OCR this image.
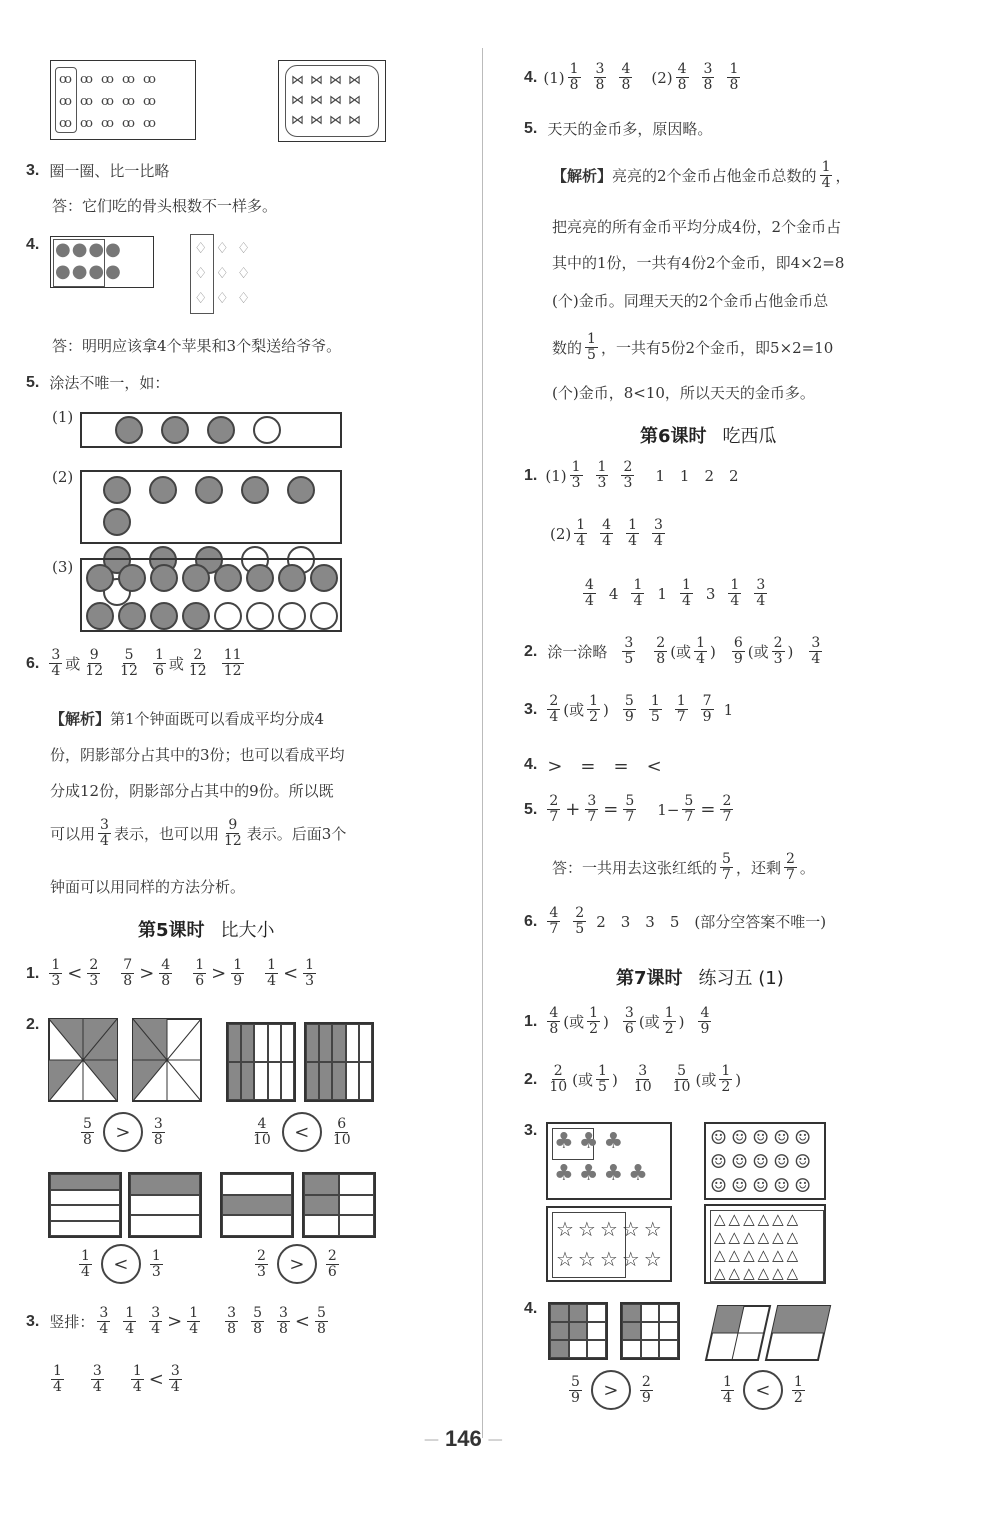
ꝏꝏꝏꝏꝏ ꝏꝏꝏꝏꝏ ꝏꝏꝏꝏꝏ
⋈⋈⋈⋈ ⋈⋈⋈⋈ ⋈⋈⋈⋈
3. 圈一圈、比一比略
答：它们吃的骨头根数不一样多。
4. ●●●● ●●●●
♢♢♢ ♢♢♢ ♢♢♢
答：明明应该拿4个苹果和3个梨送给爷爷。
5. 涂法不唯一，如：
(1)
(2)
(3)
6. $\frac{3}{4}$ 或 $\frac{9}{12} \frac{5}{12} \frac{1}{6}$ 或 $\frac{2}{12} \frac{11}{12}$
【解析】 第1个钟面既可以看成平均分成4
份，阴影部分占其中的3份；也可以看成平均
分成12份，阴影部分占其中的9份。所以既
可以用 $\frac{3}{4}$ 表示，也可以用 $\frac{9}{12}$ 表示。后面3个
钟面可以用同样的方法分析。
第5课时 比大小
1. $\frac{1}{3} < \frac{2}{3} \frac{7}{8} > \frac{4}{8} \frac{1}{6} > \frac{1}{9} \frac{1}{4} < \frac{1}{3}$
2.
$\frac{5}{8}$	>	$\frac{3}{8}$	$\frac{4}{10}$	<	$\frac{6}{10}$
$\frac{1}{4}$	<	$\frac{1}{3}$	$\frac{2}{3}$	>	$\frac{2}{6}$
3. 竖排： $\frac{3}{4} \frac{1}{4} \frac{3}{4} > \frac{1}{4} \frac{3}{8} \frac{5}{8} \frac{3}{8} < \frac{5}{8}$
$\frac{1}{4} \frac{3}{4} \frac{1}{4} < \frac{3}{4}$
4. $(1) \frac{1}{8} \frac{3}{8} \frac{4}{8} (2) \frac{4}{8} \frac{3}{8} \frac{1}{8}$
5. 天天的金币多，原因略。
【解析】 亮亮的2个金币占他金币总数的 $\frac{1}{4}$ ，
把亮亮的所有金币平均分成4份，2个金币占
其中的1份，一共有4份2个金币，即4×2=8
(个)金币。同理天天的2个金币占他金币总
数的 $\frac{1}{5}$ ，一共有5份2个金币，即5×2=10
(个)金币，8<10，所以天天的金币多。
第6课时 吃西瓜
1. $(1) \frac{1}{3} \frac{1}{3} \frac{2}{3} 1$　1　2　2
$(2) \frac{1}{4} \frac{4}{4} \frac{1}{4} \frac{3}{4}$
$\frac{4}{4} 4 \frac{1}{4} 1 \frac{1}{4} 3 \frac{1}{4} \frac{3}{4}$
2. 涂一涂略 $\frac{3}{5} \frac{2}{8}$ (或 $\frac{1}{4}$ ) $\frac{6}{9}$ (或 $\frac{2}{3}$ ) $\frac{3}{4}$
3. $\frac{2}{4}$ (或 $\frac{1}{2}$ ) $\frac{5}{9} \frac{1}{5} \frac{1}{7} \frac{7}{9} 1$
4. >　=　=　<
5. $\frac{2}{7} + \frac{3}{7} = \frac{5}{7} 1- \frac{5}{7} = \frac{2}{7}$
答：一共用去这张红纸的 $\frac{5}{7}$ ，还剩 $\frac{2}{7}$ 。
6. $\frac{4}{7} \frac{2}{5} 2$　3　3　5　(部分空答案不唯一)
第7课时 练习五 (1)
1. $\frac{4}{8}$ (或 $\frac{1}{2}$ ) $\frac{3}{6}$ (或 $\frac{1}{2}$ ) $\frac{4}{9}$
2. $\frac{2}{10}$ (或 $\frac{1}{5}$ ) $\frac{3}{10} \frac{5}{10}$ (或 $\frac{1}{2}$ )
3. ♣♣♣ ♣♣♣♣
☺☺☺☺☺ ☺☺☺☺☺ ☺☺☺☺☺
☆☆☆☆☆ ☆☆☆☆☆
△△△△△△ △△△△△△ △△△△△△ △△△△△△
4.
$\frac{5}{9}$	>	$\frac{2}{9}$	$\frac{1}{4}$	<	$\frac{1}{2}$
— 146 —
